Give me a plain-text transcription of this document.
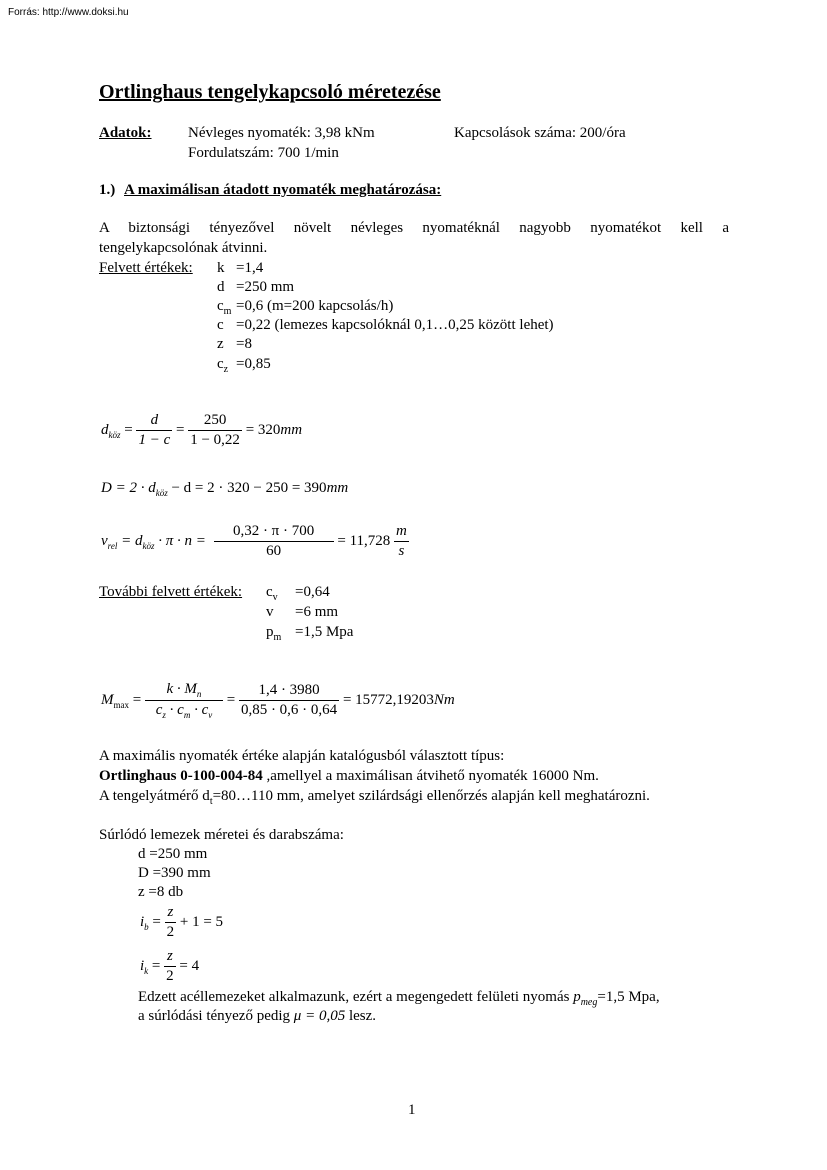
Forrás: http://www.doksi.hu
Ortlinghaus tengelykapcsoló méretezése
Adatok: Névleges nyomaték: 3,98 kNm	Kapcsolások száma: 200/óra
Fordulatszám: 700 1/min
1.) A maximálisan átadott nyomaték meghatározása:
A biztonsági tényezővel növelt névleges nyomatéknál nagyobb nyomatékot kell a
tengelykapcsolónak átvinni.
Felvett értékek: k =1,4
d =250 mm
$c_m =0,6$ (m=200 kapcsolás/h)
c =0,22 (lemezes kapcsolóknál 0,1…0,25 között lehet)
z =8
$c_z =0,85$
$d_{köz} = \frac{d}{1 - c} = \frac{250}{1 - 0,22} = 320mm$
$D = 2 \cdot d_{köz} - d = 2 \cdot 320 - 250 = 390mm$
$v_{rel} = d_{köz} \cdot \pi \cdot n = \frac{0,32 \cdot \pi \cdot 700}{60} = 11,728 \frac{m}{s}$
További felvett értékek: $c_v =0,64$
v =6 mm
$p_m =1,5$ Mpa
$M_{max} = \frac{k \cdot M_n}{c_z \cdot c_m \cdot c_v} = \frac{1,4 \cdot 3980}{0,85 \cdot 0,6 \cdot 0,64} = 15772,19203Nm$
A maximális nyomaték értéke alapján katalógusból választott típus:
Ortlinghaus 0-100-004-84 ,amellyel a maximálisan átvihető nyomaték 16000 Nm.
A tengelyátmérő $d_t=80\dots 110$ mm, amelyet szilárdsági ellenőrzés alapján kell meghatározni.
Súrlódó lemezek méretei és darabszáma:
d =250 mm
D =390 mm
z =8 db
$i_b = \frac{z}{2} + 1 = 5$
$i_k = \frac{z}{2} = 4$
Edzett acéllemezeket alkalmazunk, ezért a megengedett felületi nyomás $p_{meg}=1,5$ Mpa,
a súrlódási tényező pedig μ = 0,05 lesz.
1
